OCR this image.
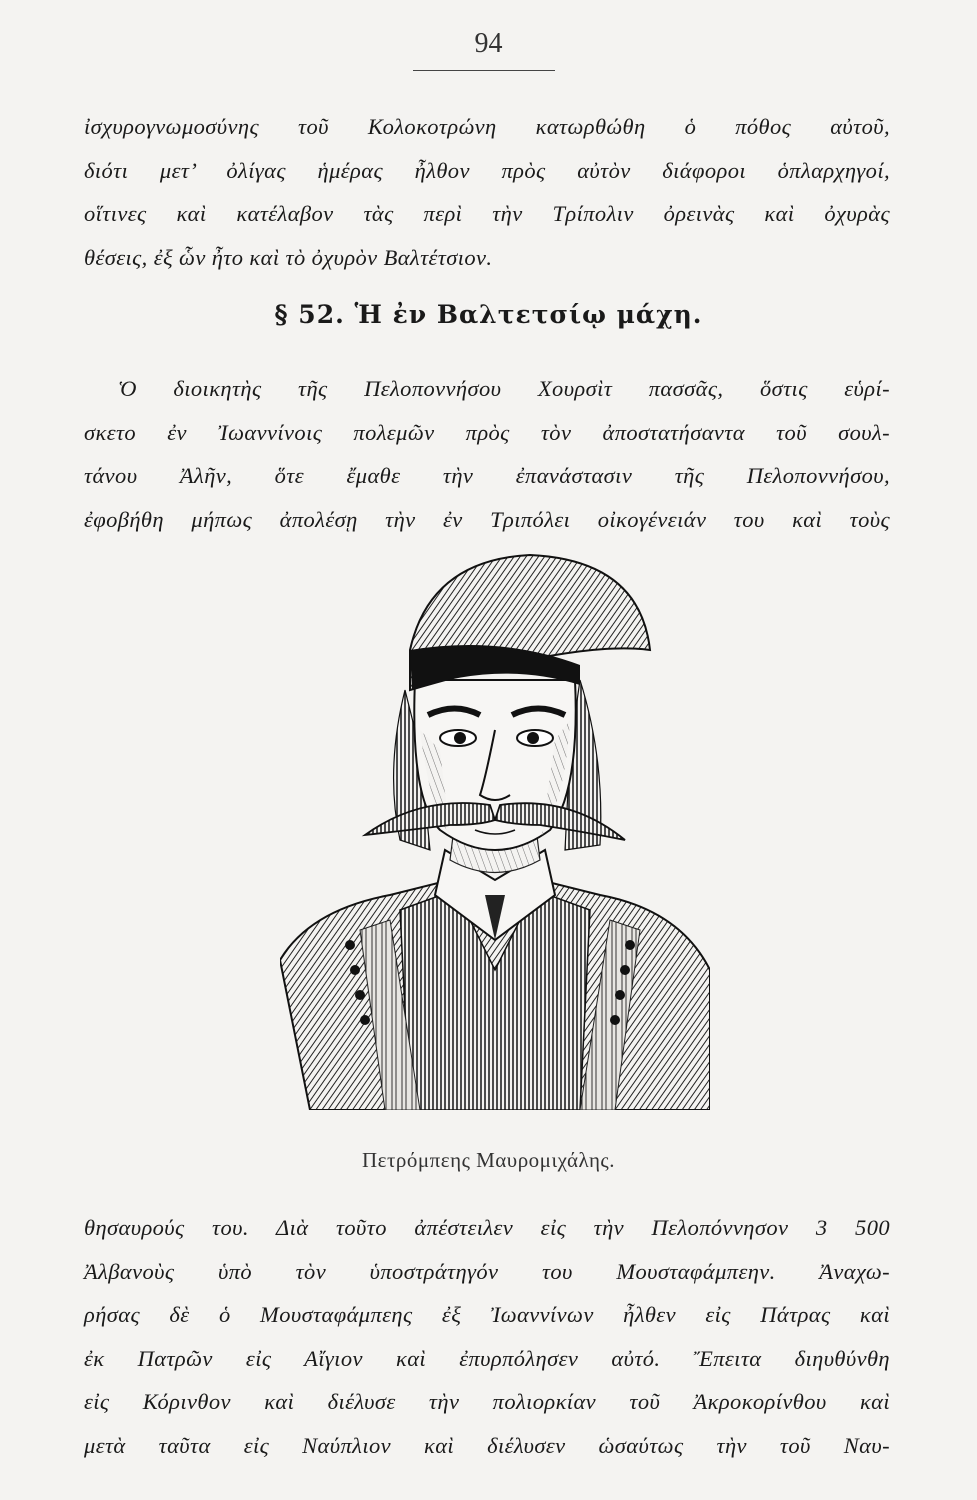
94
ἰσχυρογνωμοσύνης τοῦ Κολοκοτρώνη κατωρθώθη ὁ πόθος αὐτοῦ,
διότι μετ’ ὀλίγας ἡμέρας ἦλθον πρὸς αὐτὸν διάφοροι ὁπλαρχηγοί,
οἵτινες καὶ κατέλαβον τὰς περὶ τὴν Τρίπολιν ὀρεινὰς καὶ ὀχυρὰς
θέσεις, ἐξ ὧν ἦτο καὶ τὸ ὀχυρὸν Βαλτέτσιον.
§ 52. Ἡ ἐν Βαλτετσίῳ μάχη.
Ὁ διοικητὴς τῆς Πελοποννήσου Χουρσὶτ πασσᾶς, ὅστις εὑρί-
σκετο ἐν Ἰωαννίνοις πολεμῶν πρὸς τὸν ἀποστατήσαντα τοῦ σουλ-
τάνου Ἀλῆν, ὅτε ἔμαθε τὴν ἐπανάστασιν τῆς Πελοποννήσου,
ἐφοβήθη μήπως ἀπολέσῃ τὴν ἐν Τριπόλει οἰκογένειάν του καὶ τοὺς
Πετρόμπεης Μαυρομιχάλης.
θησαυρούς του. Διὰ τοῦτο ἀπέστειλεν εἰς τὴν Πελοπόννησον 3 500
Ἀλβανοὺς ὑπὸ τὸν ὑποστράτηγόν του Μουσταφάμπεην. Ἀναχω-
ρήσας δὲ ὁ Μουσταφάμπεης ἐξ Ἰωαννίνων ἦλθεν εἰς Πάτρας καὶ
ἐκ Πατρῶν εἰς Αἴγιον καὶ ἐπυρπόλησεν αὐτό. Ἔπειτα διηυθύνθη
εἰς Κόρινθον καὶ διέλυσε τὴν πολιορκίαν τοῦ Ἀκροκορίνθου καὶ
μετὰ ταῦτα εἰς Ναύπλιον καὶ διέλυσεν ὡσαύτως τὴν τοῦ Ναυ-
